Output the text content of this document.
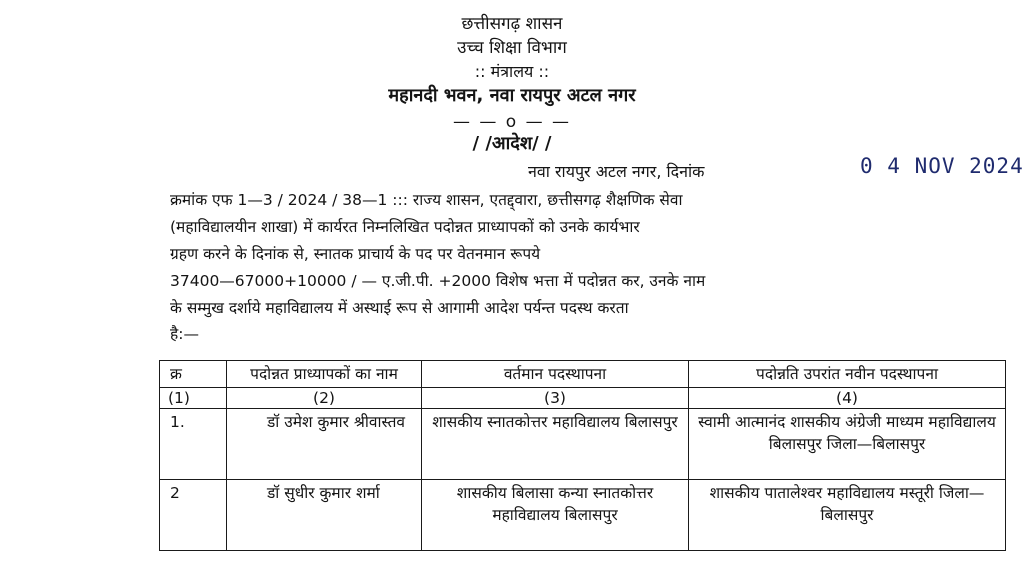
छत्तीसगढ़ शासन
उच्च शिक्षा विभाग
:: मंत्रालय ::
महानदी भवन, नवा रायपुर अटल नगर
— — o — —
/ /आदेश/ /
नवा रायपुर अटल नगर, दिनांक	0 4 NOV 2024
क्रमांक एफ 1—3 / 2024 / 38—1 ::: राज्य शासन, एतद्द्वारा, छत्तीसगढ़ शैक्षणिक सेवा
(महाविद्यालयीन शाखा) में कार्यरत निम्नलिखित पदोन्नत प्राध्यापकों को उनके कार्यभार
ग्रहण करने के दिनांक से, स्नातक प्राचार्य के पद पर वेतनमान रूपये
37400—67000+10000 / — ए.जी.पी. +2000 विशेष भत्ता में पदोन्नत कर, उनके नाम
के सम्मुख दर्शाये महाविद्यालय में अस्थाई रूप से आगामी आदेश पर्यन्त पदस्थ करता
है:—
क्र	पदोन्नत प्राध्यापकों का नाम	वर्तमान पदस्थापना	पदोन्नति उपरांत नवीन पदस्थापना
(1)	(2)	(3)	(4)
1.	डॉ उमेश कुमार श्रीवास्तव	शासकीय स्नातकोत्तर महाविद्यालय बिलासपुर	स्वामी आत्मानंद शासकीय अंग्रेजी माध्यम महाविद्यालय बिलासपुर जिला—बिलासपुर
2	डॉ सुधीर कुमार शर्मा	शासकीय बिलासा कन्या स्नातकोत्तर महाविद्यालय बिलासपुर	शासकीय पातालेश्वर महाविद्यालय मस्तूरी जिला— बिलासपुर
